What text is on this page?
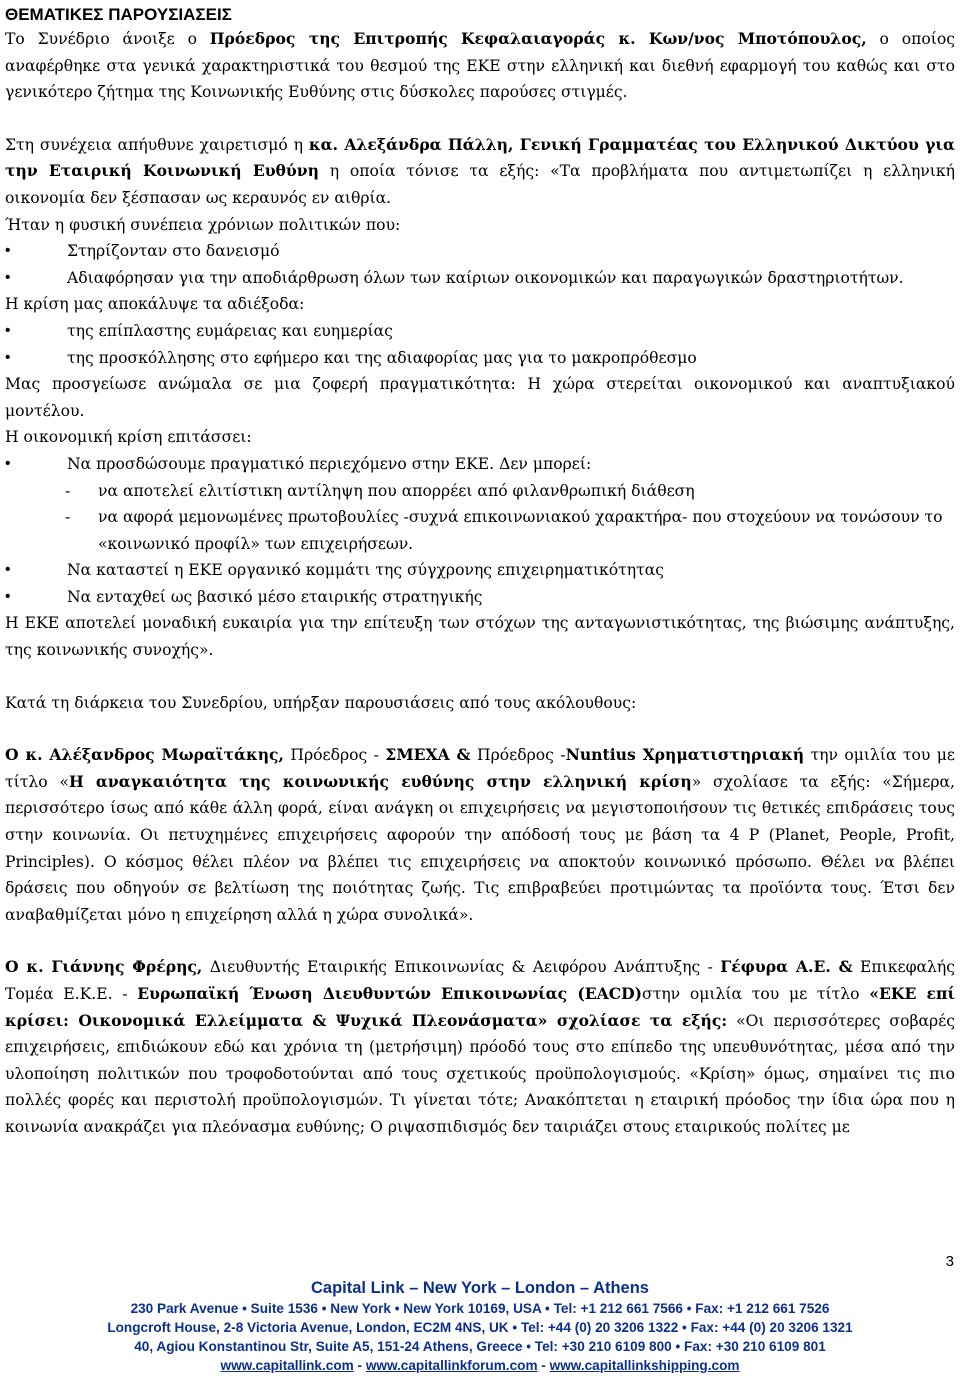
ΘΕΜΑΤΙΚΕΣ ΠΑΡΟΥΣΙΑΣΕΙΣ

Το Συνέδριο άνοιξε ο Πρόεδρος της Επιτροπής Κεφαλαιαγοράς κ. Κων/νος Μποτόπουλος, ο οποίος αναφέρθηκε στα γενικά χαρακτηριστικά του θεσμού της ΕΚΕ στην ελληνική και διεθνή εφαρμογή του καθώς και στο γενικότερο ζήτημα της Κοινωνικής Ευθύνης στις δύσκολες παρούσες στιγμές.

Στη συνέχεια απήυθυνε χαιρετισμό η κα. Αλεξάνδρα Πάλλη, Γενική Γραμματέας του Ελληνικού Δικτύου για την Εταιρική Κοινωνική Ευθύνη η οποία τόνισε τα εξής: «Τα προβλήματα που αντιμετωπίζει η ελληνική οικονομία δεν ξέσπασαν ως κεραυνός εν αιθρία.

Ήταν η φυσική συνέπεια χρόνιων πολιτικών που:

• Στηρίζονταν στο δανεισμό

• Αδιαφόρησαν για την αποδιάρθρωση όλων των καίριων οικονομικών και παραγωγικών δραστηριοτήτων.

Η κρίση μας αποκάλυψε τα αδιέξοδα:

• της επίπλαστης ευμάρειας και ευημερίας

• της προσκόλλησης στο εφήμερο και της αδιαφορίας μας για το μακροπρόθεσμο

Μας προσγείωσε ανώμαλα σε μια ζοφερή πραγματικότητα: Η χώρα στερείται οικονομικού και αναπτυξιακού μοντέλου.

Η οικονομική κρίση επιτάσσει:

• Να προσδώσουμε πραγματικό περιεχόμενο στην ΕΚΕ. Δεν μπορεί:

- να αποτελεί ελιτίστικη αντίληψη που απορρέει από φιλανθρωπική διάθεση

- να αφορά μεμονωμένες πρωτοβουλίες -συχνά επικοινωνιακού χαρακτήρα- που στοχεύουν να τονώσουν το «κοινωνικό προφίλ» των επιχειρήσεων.

• Να καταστεί η ΕΚΕ οργανικό κομμάτι της σύγχρονης επιχειρηματικότητας

• Να ενταχθεί ως βασικό μέσο εταιρικής στρατηγικής

Η ΕΚΕ αποτελεί μοναδική ευκαιρία για την επίτευξη των στόχων της ανταγωνιστικότητας, της βιώσιμης ανάπτυξης, της κοινωνικής συνοχής».

Κατά τη διάρκεια του Συνεδρίου, υπήρξαν παρουσιάσεις από τους ακόλουθους:

Ο κ. Αλέξανδρος Μωραϊτάκης, Πρόεδρος - ΣΜΕΧΑ & Πρόεδρος -Nuntius Χρηματιστηριακή την ομιλία του με τίτλο «Η αναγκαιότητα της κοινωνικής ευθύνης στην ελληνική κρίση» σχολίασε τα εξής: «Σήμερα, περισσότερο ίσως από κάθε άλλη φορά, είναι ανάγκη οι επιχειρήσεις να μεγιστοποιήσουν τις θετικές επιδράσεις τους στην κοινωνία. Οι πετυχημένες επιχειρήσεις αφορούν την απόδοσή τους με βάση τα 4 P (Planet, People, Profit, Principles). Ο κόσμος θέλει πλέον να βλέπει τις επιχειρήσεις να αποκτούν κοινωνικό πρόσωπο. Θέλει να βλέπει δράσεις που οδηγούν σε βελτίωση της ποιότητας ζωής. Τις επιβραβεύει προτιμώντας τα προϊόντα τους. Έτσι δεν αναβαθμίζεται μόνο η επιχείρηση αλλά η χώρα συνολικά».

Ο κ. Γιάννης Φρέρης, Διευθυντής Εταιρικής Επικοινωνίας & Αειφόρου Ανάπτυξης - Γέφυρα Α.Ε. & Επικεφαλής Τομέα Ε.Κ.Ε. - Ευρωπαϊκή Ένωση Διευθυντών Επικοινωνίας (EACD)στην ομιλία του με τίτλο «ΕΚΕ επί κρίσει: Οικονομικά Ελλείμματα & Ψυχικά Πλεονάσματα» σχολίασε τα εξής: «Οι περισσότερες σοβαρές επιχειρήσεις, επιδιώκουν εδώ και χρόνια τη (μετρήσιμη) πρόοδό τους στο επίπεδο της υπευθυνότητας, μέσα από την υλοποίηση πολιτικών που τροφοδοτούνται από τους σχετικούς προϋπολογισμούς. «Κρίση» όμως, σημαίνει τις πιο πολλές φορές και περιστολή προϋπολογισμών. Τι γίνεται τότε; Ανακόπτεται η εταιρική πρόοδος την ίδια ώρα που η κοινωνία ανακράζει για πλεόνασμα ευθύνης; Ο ριψασπιδισμός δεν ταιριάζει στους εταιρικούς πολίτες με

3
Capital Link – New York – London – Athens
230 Park Avenue • Suite 1536 • New York • New York 10169, USA • Tel: +1 212 661 7566 • Fax: +1 212 661 7526
Longcroft House, 2-8 Victoria Avenue, London, EC2M 4NS, UK • Tel: +44 (0) 20 3206 1322 • Fax: +44 (0) 20 3206 1321
40, Agiou Konstantinou Str, Suite A5, 151-24 Athens, Greece • Tel: +30 210 6109 800 • Fax: +30 210 6109 801
www.capitallink.com - www.capitallinkforum.com - www.capitallinkshipping.com
